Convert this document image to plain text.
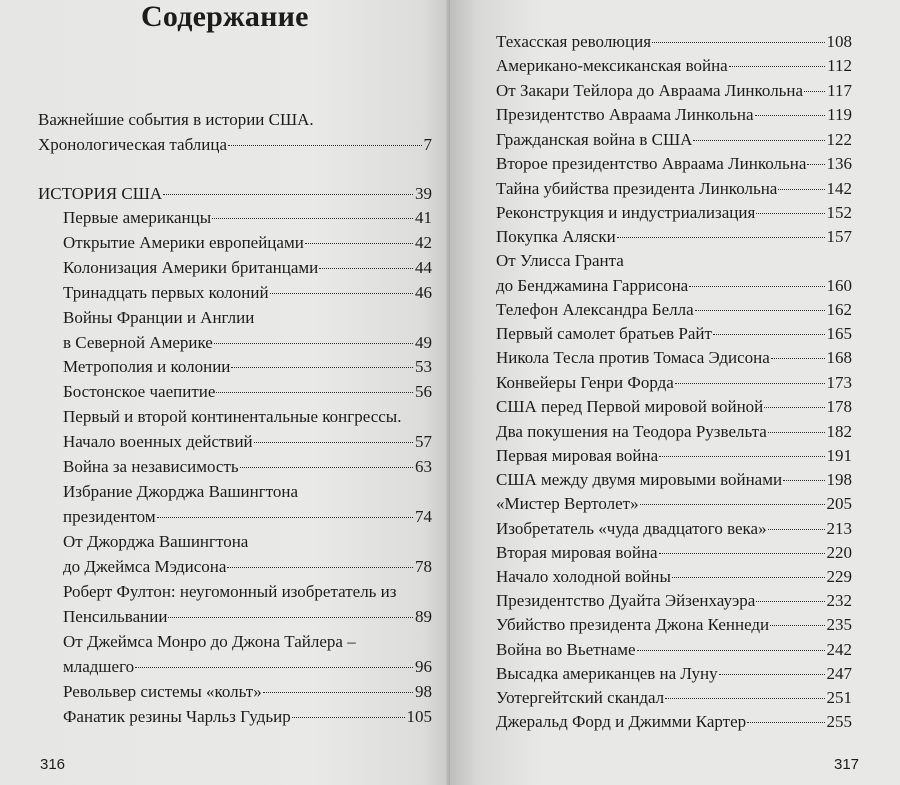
Содержание
Важнейшие события в истории США.
Хронологическая таблица	7
ИСТОРИЯ США	39
Первые американцы	41
Открытие Америки европейцами	42
Колонизация Америки британцами	44
Тринадцать первых колоний	46
Войны Франции и Англии
в Северной Америке	49
Метрополия и колонии	53
Бостонское чаепитие	56
Первый и второй континентальные конгрессы.
Начало военных действий	57
Война за независимость	63
Избрание Джорджа Вашингтона
президентом	74
От Джорджа Вашингтона
до Джеймса Мэдисона	78
Роберт Фултон: неугомонный изобретатель из
Пенсильвании	89
От Джеймса Монро до Джона Тайлера –
младшего	96
Револьвер системы «кольт»	98
Фанатик резины Чарльз Гудьир	105
316	317
Техасская революция	108
Американо-мексиканская война	112
От Закари Тейлора до Авраама Линкольна 117
Президентство Авраама Линкольна	119
Гражданская война в США	122
Второе президентство Авраама Линкольна 136
Тайна убийства президента Линкольна	142
Реконструкция и индустриализация	152
Покупка Аляски	157
От Улисса Гранта
до Бенджамина Гаррисона	160
Телефон Александра Белла	162
Первый самолет братьев Райт	165
Никола Тесла против Томаса Эдисона	168
Конвейеры Генри Форда	173
США перед Первой мировой войной	178
Два покушения на Теодора Рузвельта	182
Первая мировая война	191
США между двумя мировыми войнами	198
«Мистер Вертолет»	205
Изобретатель «чуда двадцатого века»	213
Вторая мировая война	220
Начало холодной войны	229
Президентство Дуайта Эйзенхауэра	232
Убийство президента Джона Кеннеди	235
Война во Вьетнаме	242
Высадка американцев на Луну	247
Уотергейтский скандал	251
Джеральд Форд и Джимми Картер	255
